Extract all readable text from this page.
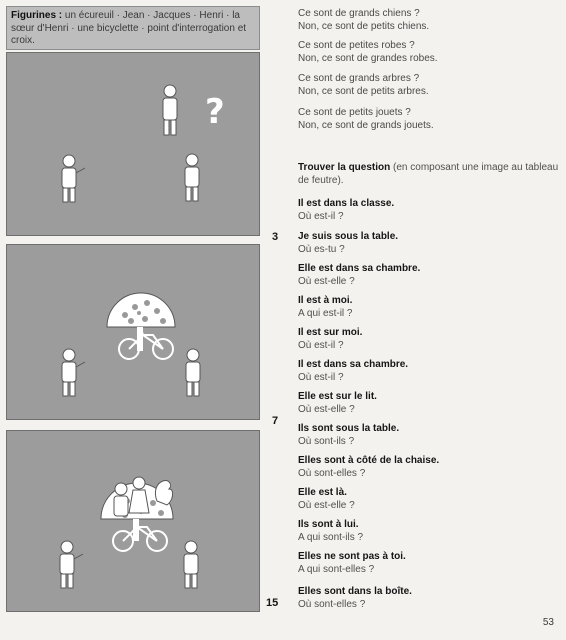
Figurines : un écureuil · Jean · Jacques · Henri · la sœur d'Henri · une bicyclette · point d'interrogation et croix.
?
Ce sont de grands chiens ?
Non, ce sont de petits chiens.
Ce sont de petites robes ?
Non, ce sont de grandes robes.
Ce sont de grands arbres ?
Non, ce sont de petits arbres.
Ce sont de petits jouets ?
Non, ce sont de grands jouets.
Trouver la question (en composant une image au tableau de feutre).
Il est dans la classe.
Où est-il ?
Je suis sous la table.
Où es-tu ?
Elle est dans sa chambre.
Où est-elle ?
Il est à moi.
A qui est-il ?
Il est sur moi.
Où est-il ?
Il est dans sa chambre.
Où est-il ?
Elle est sur le lit.
Où est-elle ?
Ils sont sous la table.
Où sont-ils ?
Elles sont à côté de la chaise.
Où sont-elles ?
Elle est là.
Où est-elle ?
Ils sont à lui.
A qui sont-ils ?
Elles ne sont pas à toi.
A qui sont-elles ?
Elles sont dans la boîte.
Où sont-elles ?
3
7
15
53
